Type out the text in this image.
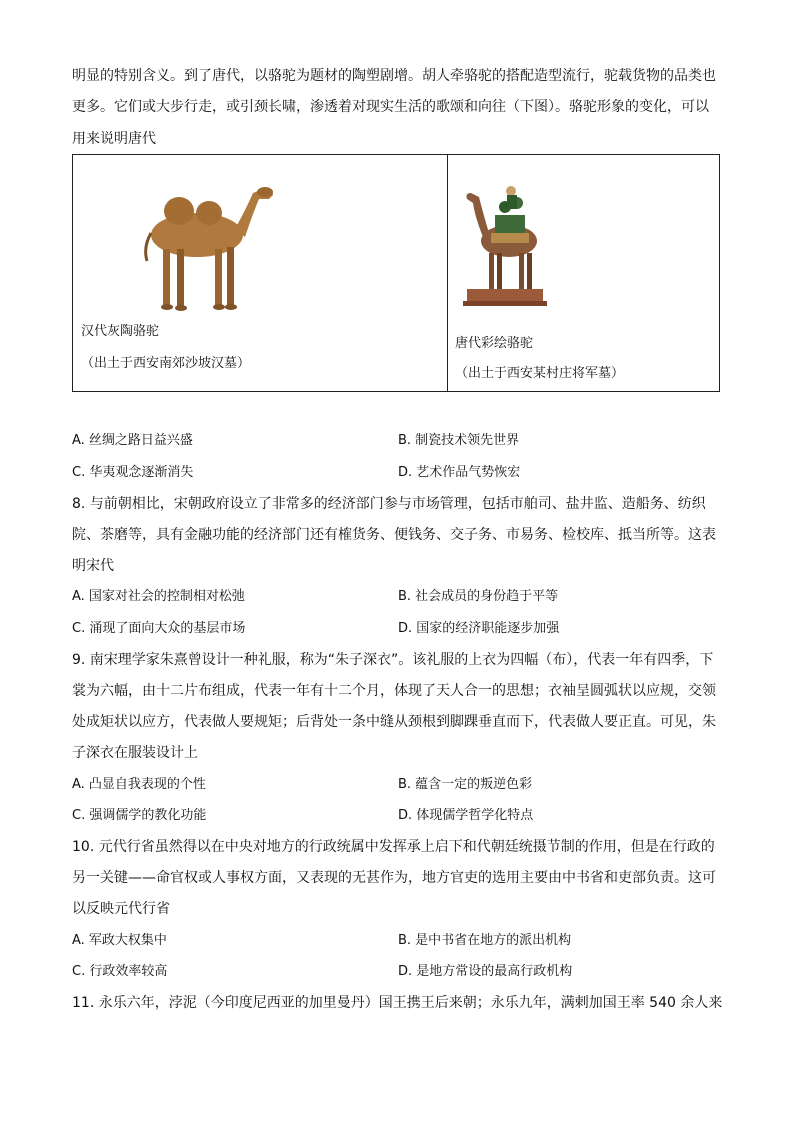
明显的特别含义。到了唐代，以骆驼为题材的陶塑剧增。胡人牵骆驼的搭配造型流行，驼载货物的品类也
更多。它们或大步行走，或引颈长啸，渗透着对现实生活的歌颂和向往（下图）。骆驼形象的变化，可以
用来说明唐代
汉代灰陶骆驼
（出土于西安南郊沙坡汉墓）
唐代彩绘骆驼
（出土于西安某村庄将军墓）
A. 丝绸之路日益兴盛	B. 制瓷技术领先世界
C. 华夷观念逐渐消失	D. 艺术作品气势恢宏
8. 与前朝相比，宋朝政府设立了非常多的经济部门参与市场管理，包括市舶司、盐井监、造船务、纺织
院、茶磨等，具有金融功能的经济部门还有榷货务、便钱务、交子务、市易务、检校库、抵当所等。这表
明宋代
A. 国家对社会的控制相对松弛	B. 社会成员的身份趋于平等
C. 涌现了面向大众的基层市场	D. 国家的经济职能逐步加强
9. 南宋理学家朱熹曾设计一种礼服，称为“朱子深衣”。该礼服的上衣为四幅（布），代表一年有四季，下
裳为六幅，由十二片布组成，代表一年有十二个月，体现了天人合一的思想；衣袖呈圆弧状以应规，交领
处成矩状以应方，代表做人要规矩；后背处一条中缝从颈根到脚踝垂直而下，代表做人要正直。可见，朱
子深衣在服装设计上
A. 凸显自我表现的个性	B. 蕴含一定的叛逆色彩
C. 强调儒学的教化功能	D. 体现儒学哲学化特点
10. 元代行省虽然得以在中央对地方的行政统属中发挥承上启下和代朝廷统摄节制的作用，但是在行政的
另一关键——命官权或人事权方面，又表现的无甚作为，地方官吏的选用主要由中书省和吏部负责。这可
以反映元代行省
A. 军政大权集中	B. 是中书省在地方的派出机构
C. 行政效率较高	D. 是地方常设的最高行政机构
11. 永乐六年，浡泥（今印度尼西亚的加里曼丹）国王携王后来朝；永乐九年，满剌加国王率 540 余人来
